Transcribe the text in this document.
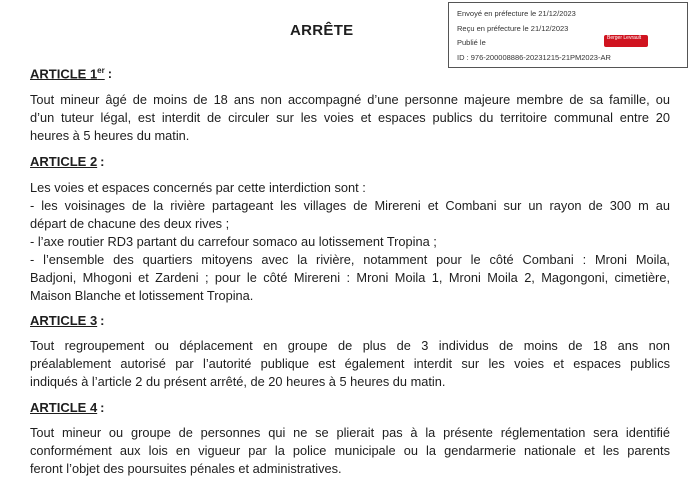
ARRÊTE
Envoyé en préfecture le 21/12/2023
Reçu en préfecture le 21/12/2023
Publié le
ID : 976-200008886-20231215-21PM2023-AR
Berger Levrault
ARTICLE 1er :
Tout mineur âgé de moins de 18 ans non accompagné d’une personne majeure membre de sa famille, ou
d’un tuteur légal, est interdit de circuler sur les voies et espaces publics du territoire communal entre 20
heures à 5 heures du matin.
ARTICLE 2 :
Les voies et espaces concernés par cette interdiction sont :
- les voisinages de la rivière partageant les villages de Mirereni et Combani sur un rayon de 300 m au
départ de chacune des deux rives ;
- l’axe routier RD3 partant du carrefour somaco au lotissement Tropina ;
- l’ensemble des quartiers mitoyens avec la rivière, notamment pour le côté Combani : Mroni Moila,
Badjoni, Mhogoni et Zardeni ; pour le côté Mirereni : Mroni Moila 1, Mroni Moila 2, Magongoni, cimetière,
Maison Blanche et lotissement Tropina.
ARTICLE 3 :
Tout regroupement ou déplacement en groupe de plus de 3 individus de moins de 18 ans non
préalablement autorisé par l’autorité publique est également interdit sur les voies et espaces publics
indiqués à l’article 2 du présent arrêté, de 20 heures à 5 heures du matin.
ARTICLE 4 :
Tout mineur ou groupe de personnes qui ne se plierait pas à la présente réglementation sera identifié
conformément aux lois en vigueur par la police municipale ou la gendarmerie nationale et les parents
feront l’objet des poursuites pénales et administratives.
